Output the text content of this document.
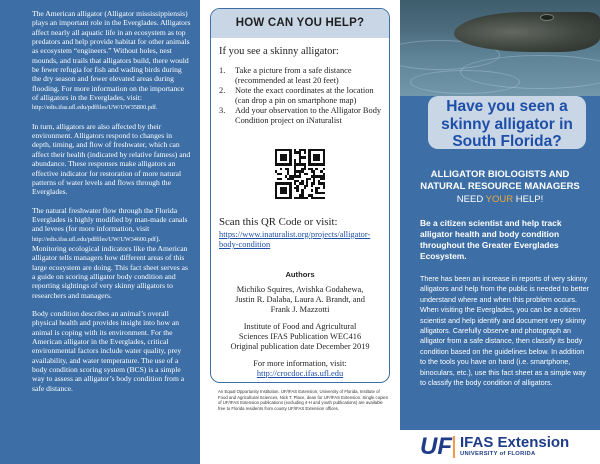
The American alligator (Alligator mississippiensis) plays an important role in the Everglades. Alligators affect nearly all aquatic life in an ecosystem as top predators and help provide habitat for other animals as ecosystem “engineers.” Without holes, nest mounds, and trails that alligators build, there would be fewer refugia for fish and wading birds during the dry season and fewer elevated areas during flooding. For more information on the importance of alligators in the Everglades, visit: http://edis.ifas.ufl.edu/pdffiles/UW/UW35800.pdf.

In turn, alligators are also affected by their environment. Alligators respond to changes in depth, timing, and flow of freshwater, which can affect their health (indicated by relative fatness) and abundance. These responses make alligators an effective indicator for restoration of more natural patterns of water levels and flows through the Everglades.

The natural freshwater flow through the Florida Everglades is highly modified by man-made canals and levees (for more information, visit http://edis.ifas.ufl.edu/pdffiles/UW/UW34600.pdf). Monitoring ecological indicators like the American alligator tells managers how different areas of this large ecosystem are doing. This fact sheet serves as a guide on scoring alligator body condition and reporting sightings of very skinny alligators to researchers and managers.

Body condition describes an animal’s overall physical health and provides insight into how an animal is coping with its environment. For the American alligator in the Everglades, critical environmental factors include water quality, prey availability, and water temperature. The use of a body condition scoring system (BCS) is a simple way to assess an alligator’s body condition from a safe distance.

HOW CAN YOU HELP?
If you see a skinny alligator:
1.	Take a picture from a safe distance (recommended at least 20 feet)
2.	Note the exact coordinates at the location (can drop a pin on smartphone map)
3.	Add your observation to the Alligator Body Condition project on iNaturalist
Scan this QR Code or visit:
https://www.inaturalist.org/projects/alligator-body-condition
Authors
Michiko Squires, Avishka Godahewa,
Justin R. Dalaba, Laura A. Brandt, and
Frank J. Mazzotti
Institute of Food and Agricultural
Sciences IFAS Publication WEC416
Original publication date December 2019
For more information, visit:
http://crocdoc.ifas.ufl.edu
An Equal Opportunity Institution. UF/IFAS Extension, University of Florida, Institute of Food and Agricultural Sciences, Nick T. Place, dean for UF/IFAS Extension. Single copies of UF/IFAS Extension publications (excluding 4-H and youth publications) are available free to Florida residents from county UF/IFAS Extension offices.
Have you seen a
skinny alligator in
South Florida?
ALLIGATOR BIOLOGISTS AND
NATURAL RESOURCE MANAGERS
NEED YOUR HELP!
Be a citizen scientist and help track alligator health and body condition throughout the Greater Everglades Ecosystem.
There has been an increase in reports of very skinny alligators and help from the public is needed to better understand where and when this problem occurs. When visiting the Everglades, you can be a citizen scientist and help identify and document very skinny alligators. Carefully observe and photograph an alligator from a safe distance, then classify its body condition based on the guidelines below. In addition to the tools you have on hand (i.e. smartphone, binoculars, etc.), use this fact sheet as a simple way to classify the body condition of alligators.
UF IFAS Extension
UNIVERSITY of FLORIDA
